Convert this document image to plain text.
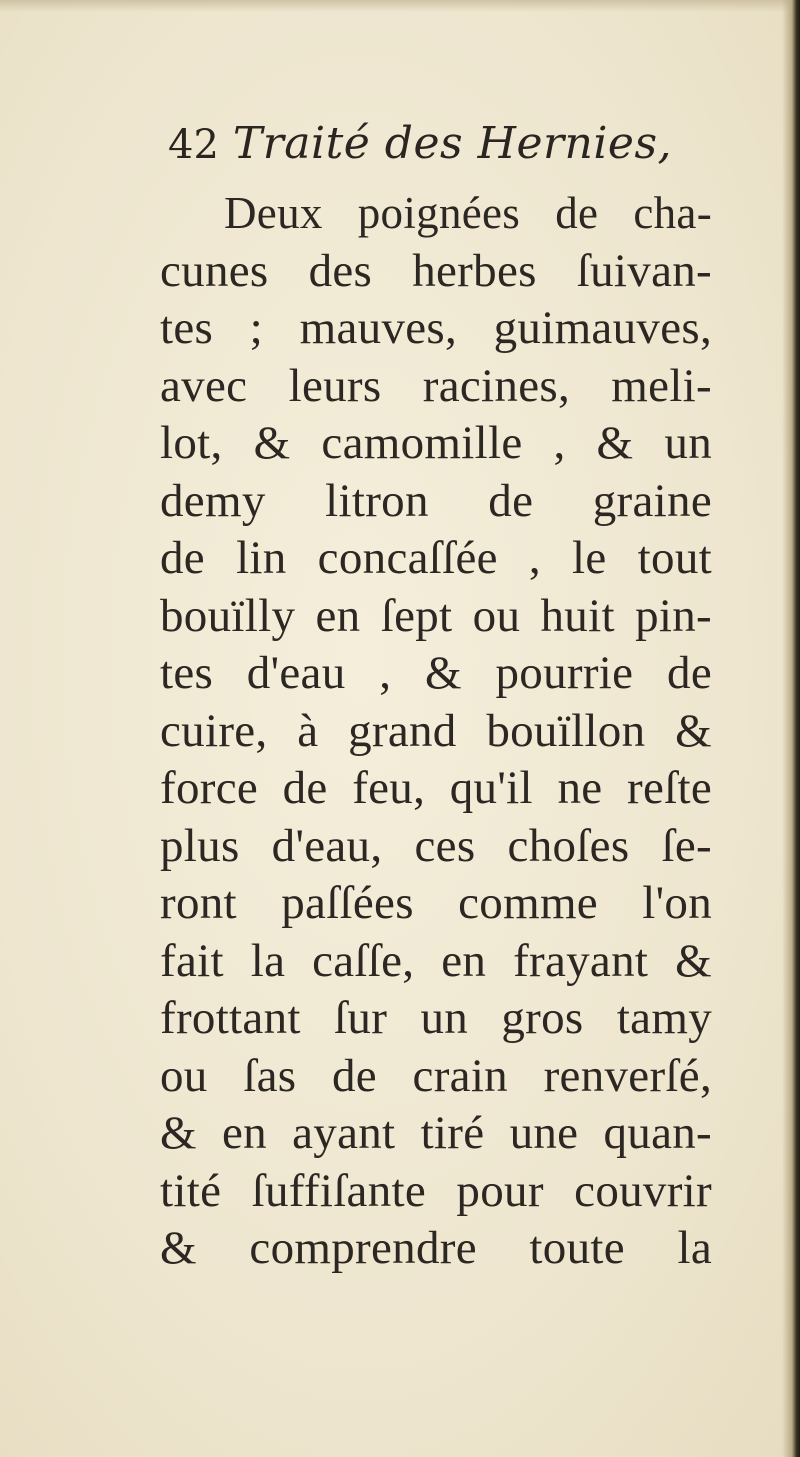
42 Traité des Hernies,
Deux poignées de cha-
cunes des herbes ſuivan-
tes ; mauves, guimauves,
avec leurs racines, meli-
lot, & camomille , & un
demy litron de graine
de lin concaſſée , le tout
bouïlly en ſept ou huit pin-
tes d'eau , & pourrie de
cuire, à grand bouïllon &
force de feu, qu'il ne reſte
plus d'eau, ces choſes ſe-
ront paſſées comme l'on
fait la caſſe, en frayant &
frottant ſur un gros tamy
ou ſas de crain renverſé,
& en ayant tiré une quan-
tité ſuffiſante pour couvrir
& comprendre toute la
